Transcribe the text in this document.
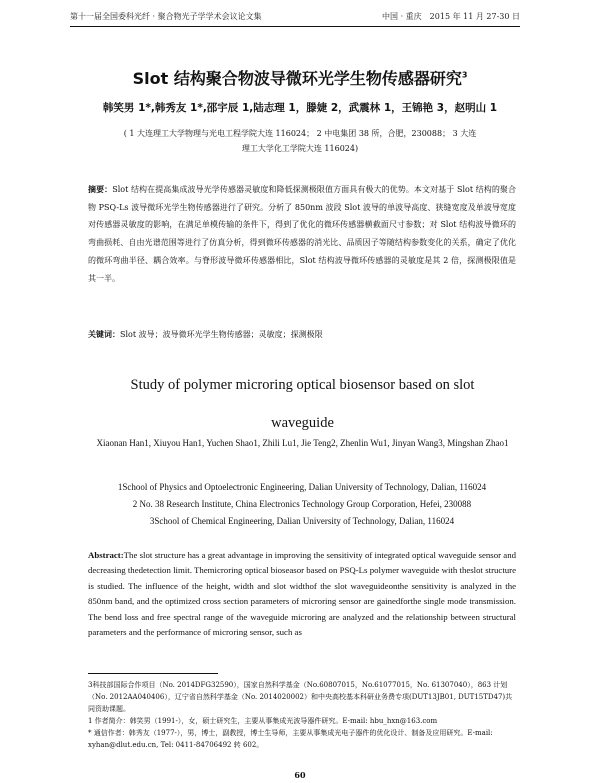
第十一届全国委科光纤 · 聚合物光子学学术会议论文集	中国 · 重庆　2015 年 11 月 27-30 日
Slot 结构聚合物波导微环光学生物传感器研究$^3$
韩笑男 1*,韩秀友 1*,邵宇辰 1,陆志理 1，滕婕 2，武震林 1，王锦艳 3，赵明山 1
( 1 大连理工大学物理与光电工程学院大连 116024； 2 中电集团 38 所，合肥，230088； 3 大连
理工大学化工学院大连 116024)
摘要：Slot 结构在提高集成波导光学传感器灵敏度和降低探测极限值方面具有极大的优势。本文对基于 Slot 结构的聚合物 PSQ-Ls 波导微环光学生物传感器进行了研究。分析了 850nm 波段 Slot 波导的单波导高度、狭缝宽度及单波导宽度对传感器灵敏度的影响，在满足单模传输的条件下，得到了优化的微环传感器横截面尺寸参数；对 Slot 结构波导微环的弯曲损耗、自由光谱范围等进行了仿真分析，得到微环传感器的消光比、品质因子等随结构参数变化的关系，确定了优化的微环弯曲半径、耦合效率。与脊形波导微环传感器相比，Slot 结构波导微环传感器的灵敏度是其 2 倍，探测极限值是其一半。
关键词：Slot 波导；波导微环光学生物传感器；灵敏度；探测极限
Study of polymer microring optical biosensor based on slot
waveguide
Xiaonan Han1, Xiuyou Han1, Yuchen Shao1, Zhili Lu1, Jie Teng2, Zhenlin Wu1, Jinyan Wang3, Mingshan Zhao1
1School of Physics and Optoelectronic Engineering, Dalian University of Technology, Dalian, 116024
2 No. 38 Research Institute, China Electronics Technology Group Corporation, Hefei, 230088
3School of Chemical Engineering, Dalian University of Technology, Dalian, 116024
Abstract:The slot structure has a great advantage in improving the sensitivity of integrated optical waveguide sensor and decreasing thedetection limit. Themicroring optical bioseasor based on PSQ-Ls polymer waveguide with theslot structure is studied. The influence of the height, width and slot widthof the slot waveguideonthe sensitivity is analyzed in the 850nm band, and the optimized cross section parameters of microring sensor are gainedforthe single mode transmission. The bend loss and free spectral range of the waveguide microring are analyzed and the relationship between structural parameters and the performance of microring sensor, such as
3科技部国际合作项目（No. 2014DFG32590），国家自然科学基金（No.60807015，No.61077015，No. 61307040），863 计划（No. 2012AA040406），辽宁省自然科学基金（No. 2014020002）和中央高校基本科研业务费专项(DUT13JB01, DUT15TD47)共同资助课题。
1 作者简介：韩笑男（1991-），女，硕士研究生，主要从事集成光波导器件研究。E-mail: hbu_hxn@163.com
* 通信作者：韩秀友（1977-），男，博士，副教授，博士生导师，主要从事集成光电子器件的优化设计、制备及应用研究。E-mail: xyhan@dlut.edu.cn, Tel: 0411-84706492 转 602。
60
